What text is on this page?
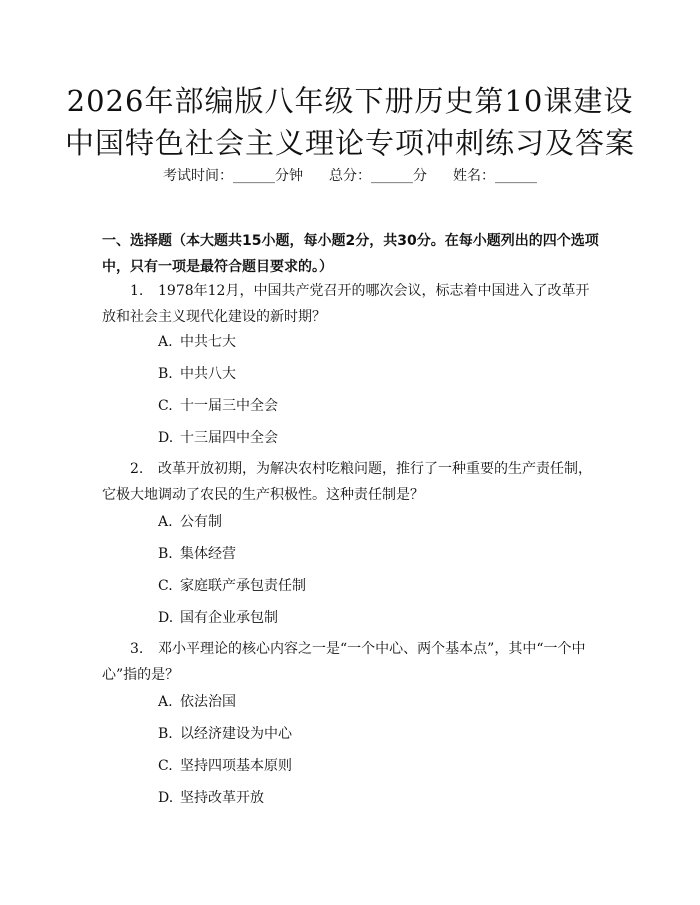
2026年部编版八年级下册历史第10课建设
中国特色社会主义理论专项冲刺练习及答案
考试时间：______分钟 总分：______分 姓名：______
一、选择题（本大题共15小题，每小题2分，共30分。在每小题列出的四个选项中，只有一项是最符合题目要求的。）
1. 1978年12月，中国共产党召开的哪次会议，标志着中国进入了改革开放和社会主义现代化建设的新时期？
A. 中共七大
B. 中共八大
C. 十一届三中全会
D. 十三届四中全会
2. 改革开放初期，为解决农村吃粮问题，推行了一种重要的生产责任制，它极大地调动了农民的生产积极性。这种责任制是？
A. 公有制
B. 集体经营
C. 家庭联产承包责任制
D. 国有企业承包制
3. 邓小平理论的核心内容之一是“一个中心、两个基本点”，其中“一个中心”指的是？
A. 依法治国
B. 以经济建设为中心
C. 坚持四项基本原则
D. 坚持改革开放
